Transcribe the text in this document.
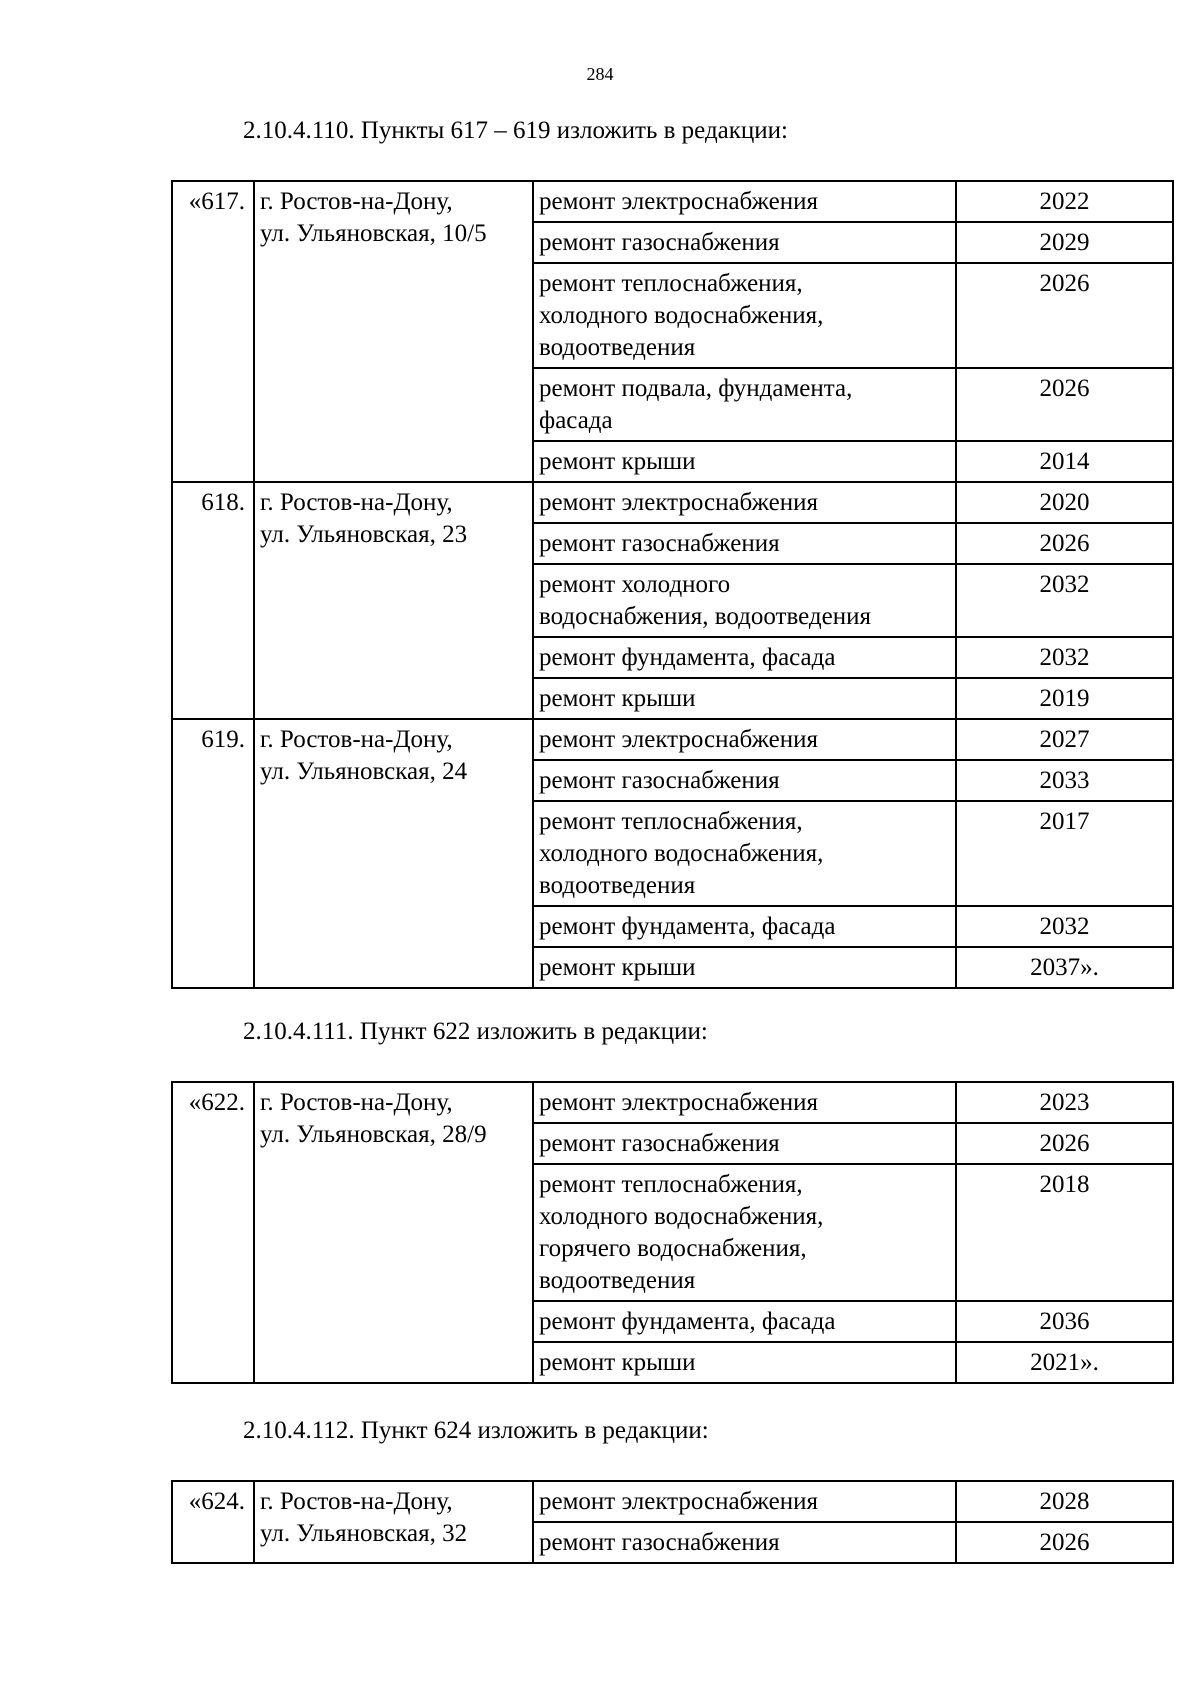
284
2.10.4.110. Пункты 617 – 619 изложить в редакции:
«617.	г. Ростов-на-Дону,
ул. Ульяновская, 10/5	ремонт электроснабжения	2022

		ремонт газоснабжения	2029

		ремонт теплоснабжения,
холодного водоснабжения,
водоотведения	2026

		ремонт подвала, фундамента,
фасада	2026

		ремонт крыши	2014
618.	г. Ростов-на-Дону,
ул. Ульяновская, 23	ремонт электроснабжения	2020

		ремонт газоснабжения	2026

		ремонт холодного
водоснабжения, водоотведения	2032

		ремонт фундамента, фасада	2032

		ремонт крыши	2019
619.	г. Ростов-на-Дону,
ул. Ульяновская, 24	ремонт электроснабжения	2027

		ремонт газоснабжения	2033

		ремонт теплоснабжения,
холодного водоснабжения,
водоотведения	2017

		ремонт фундамента, фасада	2032

		ремонт крыши	2037».
2.10.4.111. Пункт 622 изложить в редакции:
«622.	г. Ростов-на-Дону,
ул. Ульяновская, 28/9	ремонт электроснабжения	2023

		ремонт газоснабжения	2026

		ремонт теплоснабжения,
холодного водоснабжения,
горячего водоснабжения,
водоотведения	2018

		ремонт фундамента, фасада	2036

		ремонт крыши	2021».
2.10.4.112. Пункт 624 изложить в редакции:
«624.	г. Ростов-на-Дону,
ул. Ульяновская, 32	ремонт электроснабжения	2028

		ремонт газоснабжения	2026
